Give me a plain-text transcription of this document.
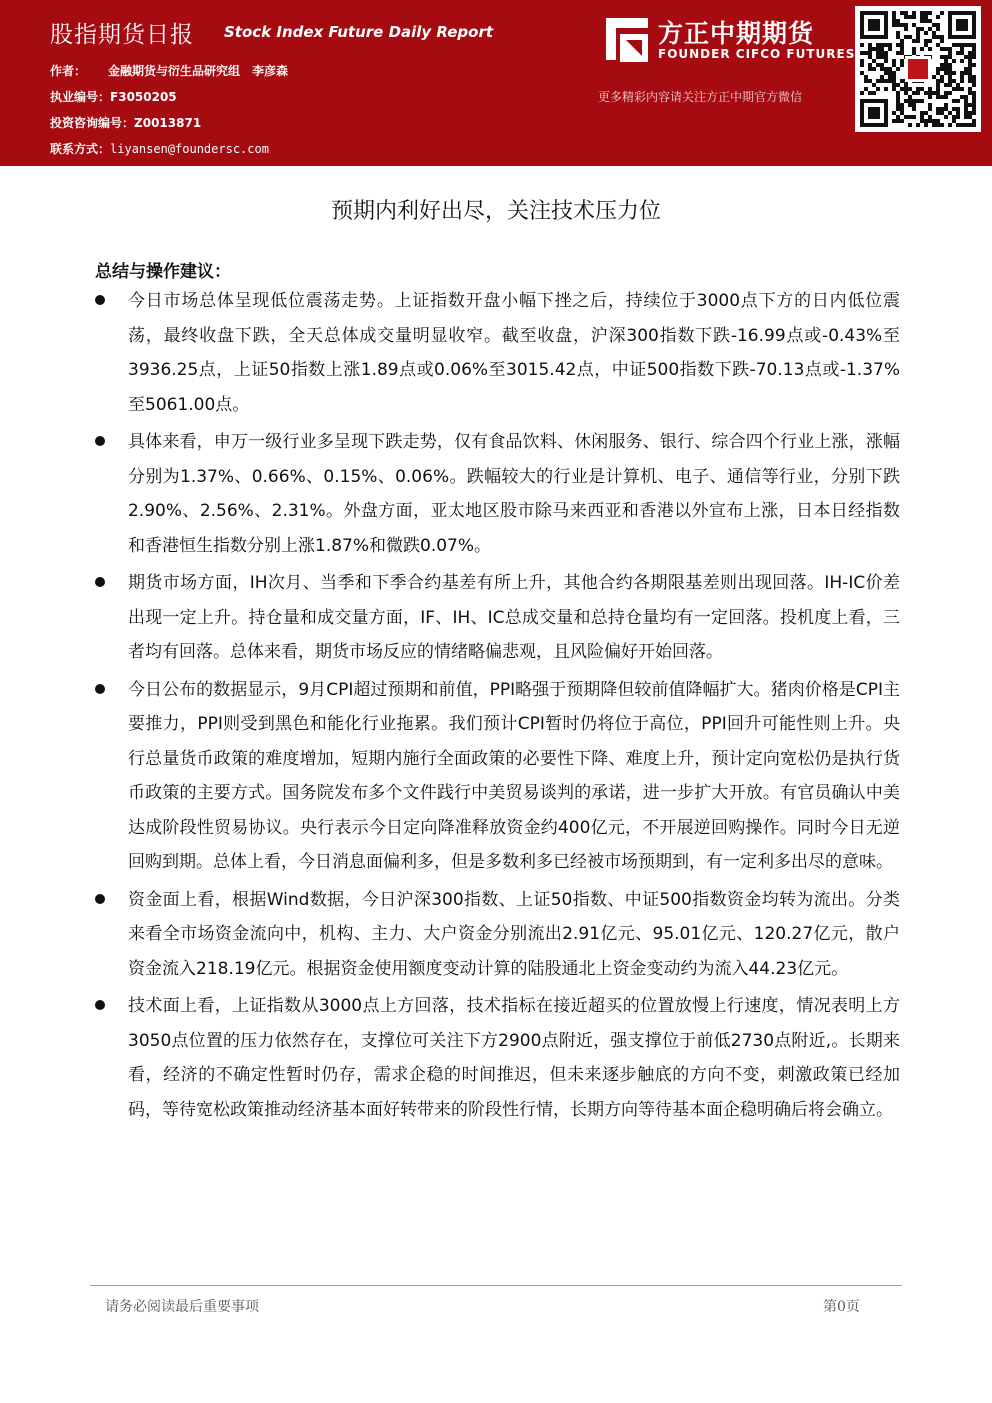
股指期货日报 Stock Index Future Daily Report
作者： 金融期货与衍生品研究组　李彦森
执业编号：F3050205
投资咨询编号：Z0013871
联系方式：liyansen@foundersc.com
方正中期期货
FOUNDER CIFCO FUTURES
更多精彩内容请关注方正中期官方微信
预期内利好出尽，关注技术压力位
总结与操作建议：
今日市场总体呈现低位震荡走势。上证指数开盘小幅下挫之后，持续位于3000点下方的日内低位震荡，最终收盘下跌，全天总体成交量明显收窄。截至收盘，沪深300指数下跌-16.99点或-0.43%至3936.25点，上证50指数上涨1.89点或0.06%至3015.42点，中证500指数下跌-70.13点或-1.37%至5061.00点。
具体来看，申万一级行业多呈现下跌走势，仅有食品饮料、休闲服务、银行、综合四个行业上涨，涨幅分别为1.37%、0.66%、0.15%、0.06%。跌幅较大的行业是计算机、电子、通信等行业，分别下跌2.90%、2.56%、2.31%。外盘方面，亚太地区股市除马来西亚和香港以外宣布上涨，日本日经指数和香港恒生指数分别上涨1.87%和微跌0.07%。
期货市场方面，IH次月、当季和下季合约基差有所上升，其他合约各期限基差则出现回落。IH-IC价差出现一定上升。持仓量和成交量方面，IF、IH、IC总成交量和总持仓量均有一定回落。投机度上看，三者均有回落。总体来看，期货市场反应的情绪略偏悲观，且风险偏好开始回落。
今日公布的数据显示，9月CPI超过预期和前值，PPI略强于预期降但较前值降幅扩大。猪肉价格是CPI主要推力，PPI则受到黑色和能化行业拖累。我们预计CPI暂时仍将位于高位，PPI回升可能性则上升。央行总量货币政策的难度增加，短期内施行全面政策的必要性下降、难度上升，预计定向宽松仍是执行货币政策的主要方式。国务院发布多个文件践行中美贸易谈判的承诺，进一步扩大开放。有官员确认中美达成阶段性贸易协议。央行表示今日定向降准释放资金约400亿元，不开展逆回购操作。同时今日无逆回购到期。总体上看，今日消息面偏利多，但是多数利多已经被市场预期到，有一定利多出尽的意味。
资金面上看，根据Wind数据，今日沪深300指数、上证50指数、中证500指数资金均转为流出。分类来看全市场资金流向中，机构、主力、大户资金分别流出2.91亿元、95.01亿元、120.27亿元，散户资金流入218.19亿元。根据资金使用额度变动计算的陆股通北上资金变动约为流入44.23亿元。
技术面上看，上证指数从3000点上方回落，技术指标在接近超买的位置放慢上行速度，情况表明上方3050点位置的压力依然存在，支撑位可关注下方2900点附近，强支撑位于前低2730点附近,。长期来看，经济的不确定性暂时仍存，需求企稳的时间推迟，但未来逐步触底的方向不变，刺激政策已经加码，等待宽松政策推动经济基本面好转带来的阶段性行情，长期方向等待基本面企稳明确后将会确立。
请务必阅读最后重要事项	第0页
